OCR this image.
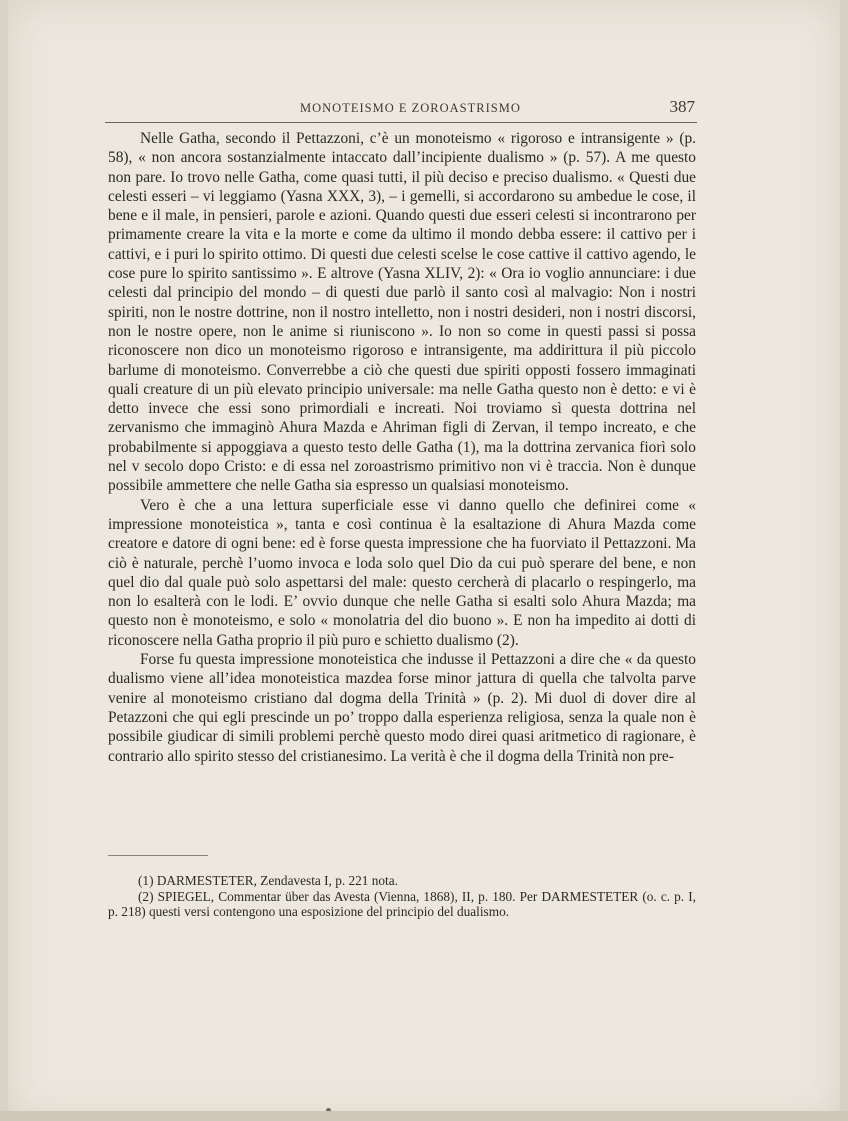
MONOTEISMO E ZOROASTRISMO	387

Nelle Gatha, secondo il Pettazzoni, c’è un monoteismo « rigoroso e intransigente » (p. 58), « non ancora sostanzialmente intaccato dall’incipiente dualismo » (p. 57). A me questo non pare. Io trovo nelle Gatha, come quasi tutti, il più deciso e preciso dualismo. « Questi due celesti esseri – vi leggiamo (Yasna XXX, 3), – i gemelli, si accordarono su ambedue le cose, il bene e il male, in pensieri, parole e azioni. Quando questi due esseri celesti si incontrarono per primamente creare la vita e la morte e come da ultimo il mondo debba essere: il cattivo per i cattivi, e i puri lo spirito ottimo. Di questi due celesti scelse le cose cattive il cattivo agendo, le cose pure lo spirito santissimo ». E altrove (Yasna XLIV, 2): « Ora io voglio annunciare: i due celesti dal principio del mondo – di questi due parlò il santo così al malvagio: Non i nostri spiriti, non le nostre dottrine, non il nostro intelletto, non i nostri desideri, non i nostri discorsi, non le nostre opere, non le anime si riuniscono ». Io non so come in questi passi si possa riconoscere non dico un monoteismo rigoroso e intransigente, ma addirittura il più piccolo barlume di monoteismo. Converrebbe a ciò che questi due spiriti opposti fossero immaginati quali creature di un più elevato principio universale: ma nelle Gatha questo non è detto: e vi è detto invece che essi sono primordiali e increati. Noi troviamo sì questa dottrina nel zervanismo che immaginò Ahura Mazda e Ahriman figli di Zervan, il tempo increato, e che probabilmente si appoggiava a questo testo delle Gatha (1), ma la dottrina zervanica fiorì solo nel v secolo dopo Cristo: e di essa nel zoroastrismo primitivo non vi è traccia. Non è dunque possibile ammettere che nelle Gatha sia espresso un qualsiasi monoteismo.

Vero è che a una lettura superficiale esse vi danno quello che definirei come « impressione monoteistica », tanta e così continua è la esaltazione di Ahura Mazda come creatore e datore di ogni bene: ed è forse questa impressione che ha fuorviato il Pettazzoni. Ma ciò è naturale, perchè l’uomo invoca e loda solo quel Dio da cui può sperare del bene, e non quel dio dal quale può solo aspettarsi del male: questo cercherà di placarlo o respingerlo, ma non lo esalterà con le lodi. E’ ovvio dunque che nelle Gatha si esalti solo Ahura Mazda; ma questo non è monoteismo, e solo « monolatria del dio buono ». E non ha impedito ai dotti di riconoscere nella Gatha proprio il più puro e schietto dualismo (2).

Forse fu questa impressione monoteistica che indusse il Pettazzoni a dire che « da questo dualismo viene all’idea monoteistica mazdea forse minor jattura di quella che talvolta parve venire al monoteismo cristiano dal dogma della Trinità » (p. 2). Mi duol di dover dire al Petazzoni che qui egli prescinde un po’ troppo dalla esperienza religiosa, senza la quale non è possibile giudicar di simili problemi perchè questo modo direi quasi aritmetico di ragionare, è contrario allo spirito stesso del cristianesimo. La verità è che il dogma della Trinità non pre-

(1) DARMESTETER, Zendavesta I, p. 221 nota.

(2) SPIEGEL, Commentar über das Avesta (Vienna, 1868), II, p. 180. Per DARMESTETER (o. c. p. I, p. 218) questi versi contengono una esposizione del principio del dualismo.
